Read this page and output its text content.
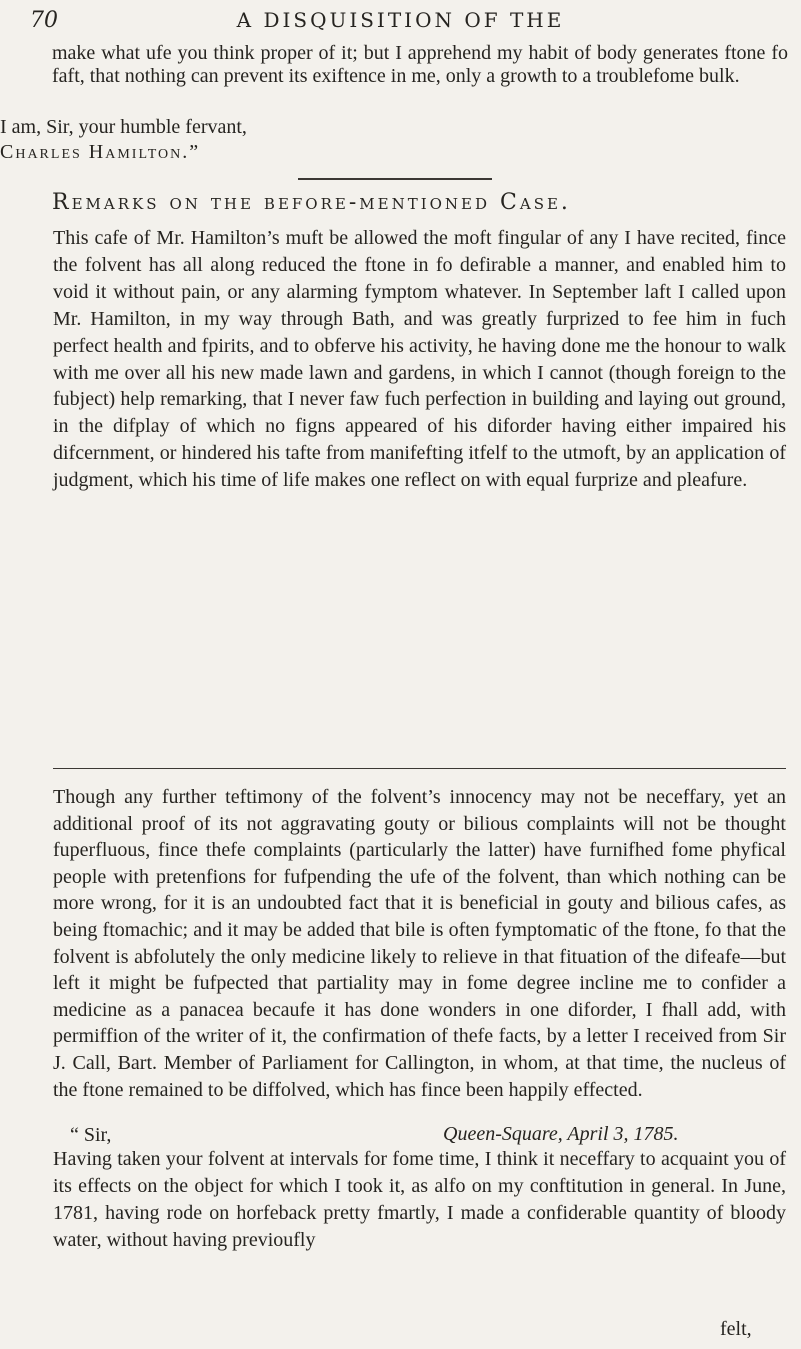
70	A DISQUISITION OF THE

make what ufe you think proper of it; but I apprehend my habit of body generates ftone fo faft, that nothing can prevent its exiftence in me, only a growth to a troublefome bulk.

I am, Sir, your humble fervant,

Charles Hamilton.”

Remarks on the before-mentioned Case.

This cafe of Mr. Hamilton’s muft be allowed the moft fingular of any I have recited, fince the folvent has all along reduced the ftone in fo defirable a manner, and enabled him to void it without pain, or any alarming fymptom whatever. In September laft I called upon Mr. Hamilton, in my way through Bath, and was greatly furprized to fee him in fuch perfect health and fpirits, and to obferve his activity, he having done me the honour to walk with me over all his new made lawn and gardens, in which I cannot (though foreign to the fubject) help remarking, that I never faw fuch perfection in building and laying out ground, in the difplay of which no figns appeared of his diforder having either impaired his difcernment, or hindered his tafte from manifefting itfelf to the utmoft, by an application of judgment, which his time of life makes one reflect on with equal furprize and pleafure.

Though any further teftimony of the folvent’s innocency may not be neceffary, yet an additional proof of its not aggravating gouty or bilious complaints will not be thought fuperfluous, fince thefe complaints (particularly the latter) have furnifhed fome phyfical people with pretenfions for fufpending the ufe of the folvent, than which nothing can be more wrong, for it is an undoubted fact that it is beneficial in gouty and bilious cafes, as being ftomachic; and it may be added that bile is often fymptomatic of the ftone, fo that the folvent is abfolutely the only medicine likely to relieve in that fituation of the difeafe—but left it might be fufpected that partiality may in fome degree incline me to confider a medicine as a panacea becaufe it has done wonders in one diforder, I fhall add, with permiffion of the writer of it, the confirmation of thefe facts, by a letter I received from Sir J. Call, Bart. Member of Parliament for Callington, in whom, at that time, the nucleus of the ftone remained to be diffolved, which has fince been happily effected.

“ Sir,	Queen-Square, April 3, 1785.

Having taken your folvent at intervals for fome time, I think it neceffary to acquaint you of its effects on the object for which I took it, as alfo on my conftitution in general. In June, 1781, having rode on horfeback pretty fmartly, I made a confiderable quantity of bloody water, without having previoufly

felt,
